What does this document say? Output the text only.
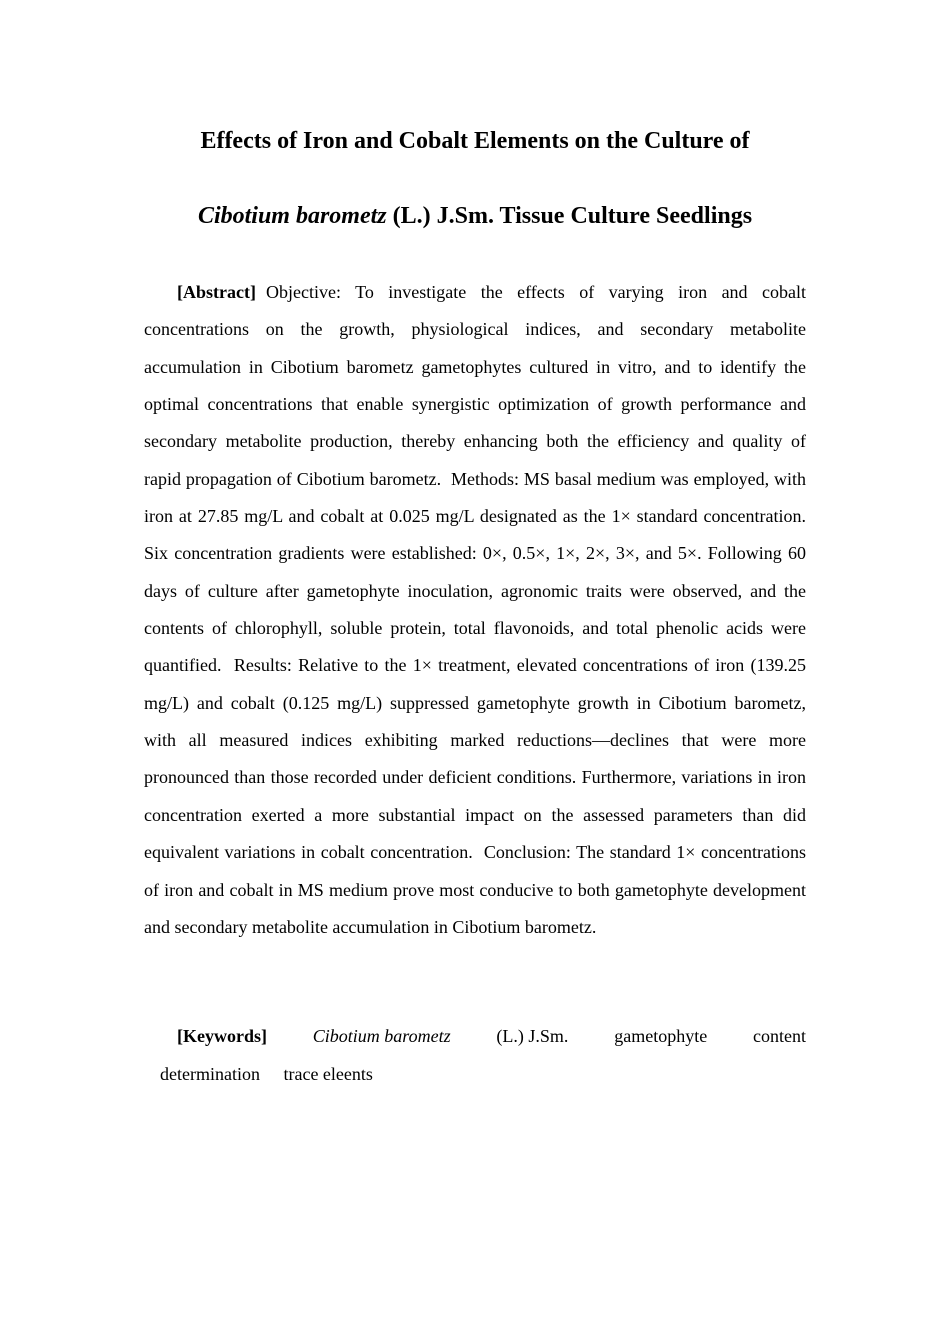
Effects of Iron and Cobalt Elements on the Culture of
Cibotium barometz (L.) J.Sm. Tissue Culture Seedlings

[Abstract] Objective: To investigate the effects of varying iron and cobalt concentrations on the growth, physiological indices, and secondary metabolite accumulation in Cibotium barometz gametophytes cultured in vitro, and to identify the optimal concentrations that enable synergistic optimization of growth performance and secondary metabolite production, thereby enhancing both the efficiency and quality of rapid propagation of Cibotium barometz. Methods: MS basal medium was employed, with iron at 27.85 mg/L and cobalt at 0.025 mg/L designated as the 1× standard concentration. Six concentration gradients were established: 0×, 0.5×, 1×, 2×, 3×, and 5×. Following 60 days of culture after gametophyte inoculation, agronomic traits were observed, and the contents of chlorophyll, soluble protein, total flavonoids, and total phenolic acids were quantified. Results: Relative to the 1× treatment, elevated concentrations of iron (139.25 mg/L) and cobalt (0.125 mg/L) suppressed gametophyte growth in Cibotium barometz, with all measured indices exhibiting marked reductions—declines that were more pronounced than those recorded under deficient conditions. Furthermore, variations in iron concentration exerted a more substantial impact on the assessed parameters than did equivalent variations in cobalt concentration. Conclusion: The standard 1× concentrations of iron and cobalt in MS medium prove most conducive to both gametophyte development and secondary metabolite accumulation in Cibotium barometz.

[Keywords]	Cibotium barometz	(L.) J.Sm.	gametophyte	content
determination trace eleents
